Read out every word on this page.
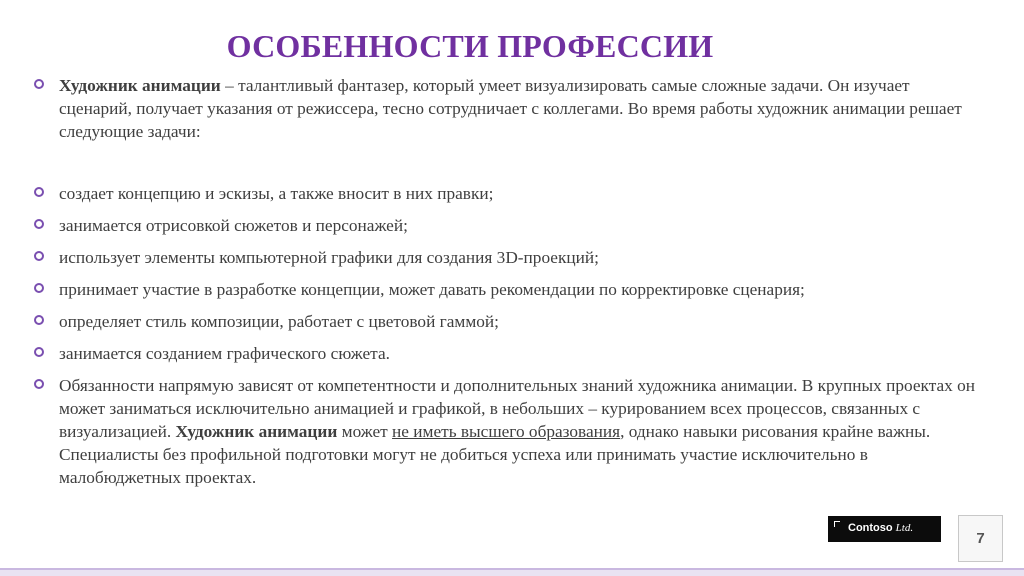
ОСОБЕННОСТИ ПРОФЕССИИ
Художник анимации – талантливый фантазер, который умеет визуализировать самые сложные задачи. Он изучает сценарий, получает указания от режиссера, тесно сотрудничает с коллегами. Во время работы художник анимации решает следующие задачи:
создает концепцию и эскизы, а также вносит в них правки;
занимается отрисовкой сюжетов и персонажей;
использует элементы компьютерной графики для создания 3D-проекций;
принимает участие в разработке концепции, может давать рекомендации по корректировке сценария;
определяет стиль композиции, работает с цветовой гаммой;
занимается созданием графического сюжета.
Обязанности напрямую зависят от компетентности и дополнительных знаний художника анимации. В крупных проектах он может заниматься исключительно анимацией и графикой, в небольших – курированием всех процессов, связанных с визуализацией. Художник анимации может не иметь высшего образования, однако навыки рисования крайне важны. Специалисты без профильной подготовки могут не добиться успеха или принимать участие исключительно в малобюджетных проектах.
Contoso Ltd.
7
